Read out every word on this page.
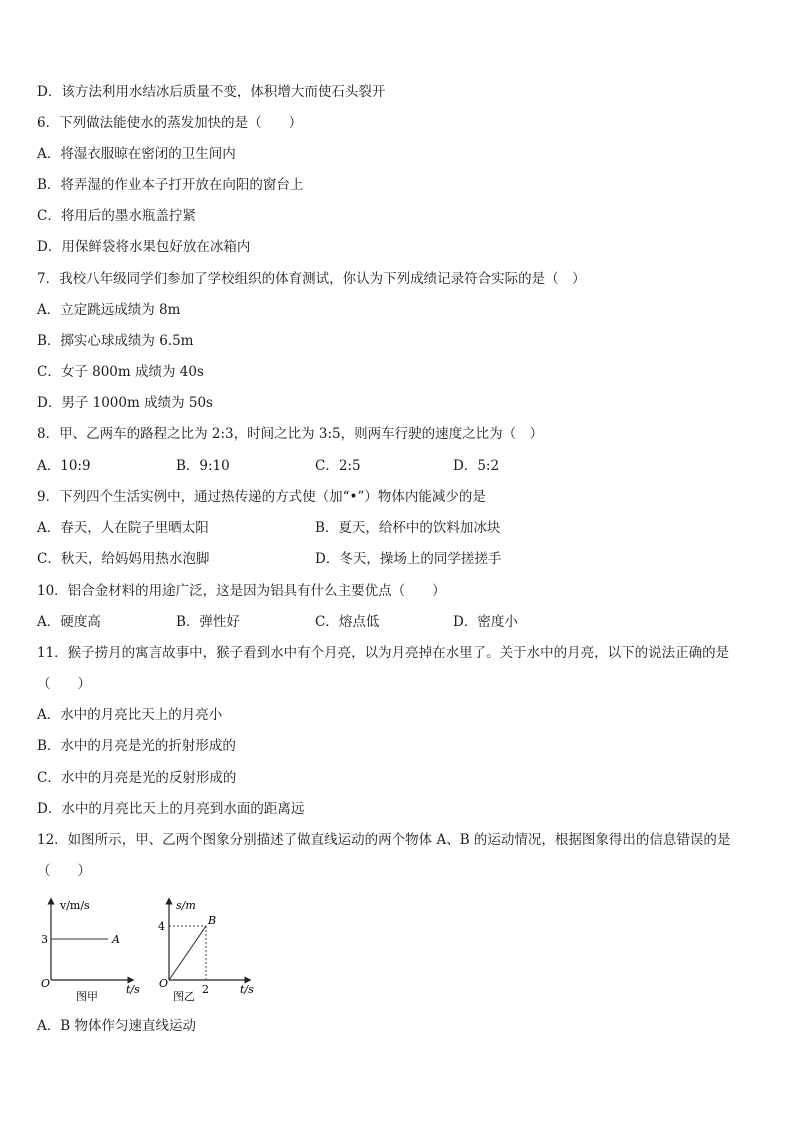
D．该方法利用水结冰后质量不变，体积增大而使石头裂开
6．下列做法能使水的蒸发加快的是（　　）
A．将湿衣服晾在密闭的卫生间内
B．将弄湿的作业本子打开放在向阳的窗台上
C．将用后的墨水瓶盖拧紧
D．用保鲜袋将水果包好放在冰箱内
7．我校八年级同学们参加了学校组织的体育测试，你认为下列成绩记录符合实际的是（　）
A．立定跳远成绩为 8m
B．掷实心球成绩为 6.5m
C．女子 800m 成绩为 40s
D．男子 1000m 成绩为 50s
8．甲、乙两车的路程之比为 2:3，时间之比为 3:5，则两车行驶的速度之比为（　）
A．10:9	B．9:10	C．2:5	D．5:2
9．下列四个生活实例中，通过热传递的方式使（加“•”）物体内能减少的是
A．春天，人在院子里晒太阳	B．夏天，给杯中的饮料加冰块
C．秋天，给妈妈用热水泡脚	D．冬天，操场上的同学搓搓手
10．铝合金材料的用途广泛，这是因为铝具有什么主要优点（　　）
A．硬度高	B．弹性好	C．熔点低	D．密度小
11．猴子捞月的寓言故事中，猴子看到水中有个月亮，以为月亮掉在水里了。关于水中的月亮，以下的说法正确的是
（　　）
A．水中的月亮比天上的月亮小
B．水中的月亮是光的折射形成的
C．水中的月亮是光的反射形成的
D．水中的月亮比天上的月亮到水面的距离远
12．如图所示，甲、乙两个图象分别描述了做直线运动的两个物体 A、B 的运动情况，根据图象得出的信息错误的是
（　　）
v/m/s
3	A
O	t/s
图甲
s/m
4	B
O	2	t/s
图乙
A．B 物体作匀速直线运动
